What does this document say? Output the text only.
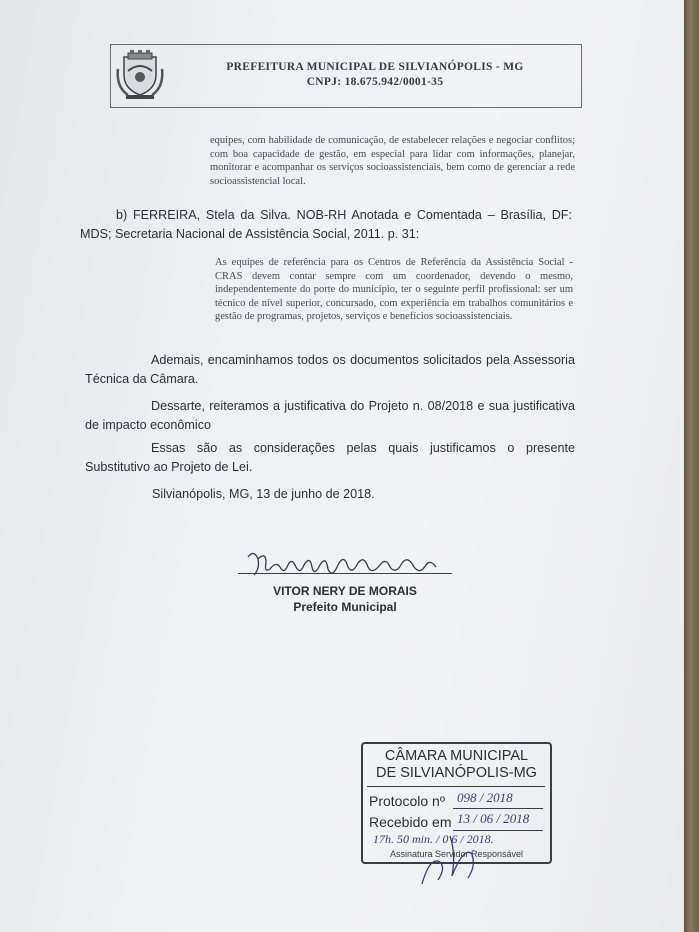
PREFEITURA MUNICIPAL DE SILVIANÓPOLIS - MG
CNPJ: 18.675.942/0001-35
equipes, com habilidade de comunicação, de estabelecer relações e negociar conflitos; com boa capacidade de gestão, em especial para lidar com informações, planejar, monitorar e acompanhar os serviços socioassistenciais, bem como de gerenciar a rede socioassistencial local.
b) FERREIRA, Stela da Silva. NOB-RH Anotada e Comentada – Brasília, DF: MDS; Secretaria Nacional de Assistência Social, 2011. p. 31:
As equipes de referência para os Centros de Referência da Assistência Social - CRAS devem contar sempre com um coordenador, devendo o mesmo, independentemente do porte do município, ter o seguinte perfil profissional: ser um técnico de nível superior, concursado, com experiência em trabalhos comunitários e gestão de programas, projetos, serviços e benefícios socioassistenciais.
Ademais, encaminhamos todos os documentos solicitados pela Assessoria Técnica da Câmara.
Dessarte, reiteramos a justificativa do Projeto n. 08/2018 e sua justificativa de impacto econômico
Essas são as considerações pelas quais justificamos o presente Substitutivo ao Projeto de Lei.
Silvianópolis, MG, 13 de junho de 2018.
VITOR NERY DE MORAIS
Prefeito Municipal
CÂMARA MUNICIPAL
DE SILVIANÓPOLIS-MG
Protocolo nº 098 / 2018
Recebido em 13 / 06 / 2018
17h. 50 min. / 0 6 / 2018.
Assinatura Servidor Responsável
